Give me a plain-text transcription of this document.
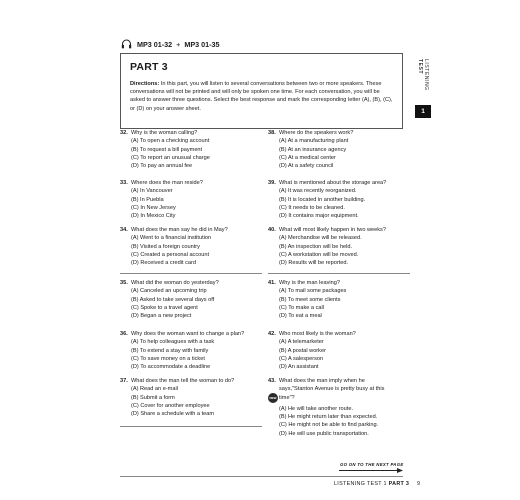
MP3 01-32 + MP3 01-35
PART 3
Directions: In this part, you will listen to several conversations between two or more speakers. These conversations will not be printed and will only be spoken one time. For each conversation, you will be asked to answer three questions. Select the best response and mark the corresponding letter (A), (B), (C), or (D) on your answer sheet.
LISTENING TEST
1
32. Why is the woman calling?
(A) To open a checking account
(B) To request a bill payment
(C) To report an unusual charge
(D) To pay an annual fee
33. Where does the man reside?
(A) In Vancouver
(B) In Puebla
(C) In New Jersey
(D) In Mexico City
34. What does the man say he did in May?
(A) Went to a financial institution
(B) Visited a foreign country
(C) Created a personal account
(D) Received a credit card
35. What did the woman do yesterday?
(A) Canceled an upcoming trip
(B) Asked to take several days off
(C) Spoke to a travel agent
(D) Began a new project
36. Why does the woman want to change a plan?
(A) To help colleagues with a task
(B) To extend a stay with family
(C) To save money on a ticket
(D) To accommodate a deadline
37. What does the man tell the woman to do?
(A) Read an e-mail
(B) Submit a form
(C) Cover for another employee
(D) Share a schedule with a team
38. Where do the speakers work?
(A) At a manufacturing plant
(B) At an insurance agency
(C) At a medical center
(D) At a safety council
39. What is mentioned about the storage area?
(A) It was recently reorganized.
(B) It is located in another building.
(C) It needs to be cleaned.
(D) It contains major equipment.
40. What will most likely happen in two weeks?
(A) Merchandise will be released.
(B) An inspection will be held.
(C) A workstation will be moved.
(D) Results will be reported.
41. Why is the man leaving?
(A) To mail some packages
(B) To meet some clients
(C) To make a call
(D) To eat a meal
42. Who most likely is the woman?
(A) A telemarketer
(B) A postal worker
(C) A salesperson
(D) An assistant
43. What does the man imply when he
says,"Stanton Avenue is pretty busy at this
time"?
NEW
(A) He will take another route.
(B) He might return later than expected.
(C) He might not be able to find parking.
(D) He will use public transportation.
GO ON TO THE NEXT PAGE
LISTENING TEST 1 PART 3 9
